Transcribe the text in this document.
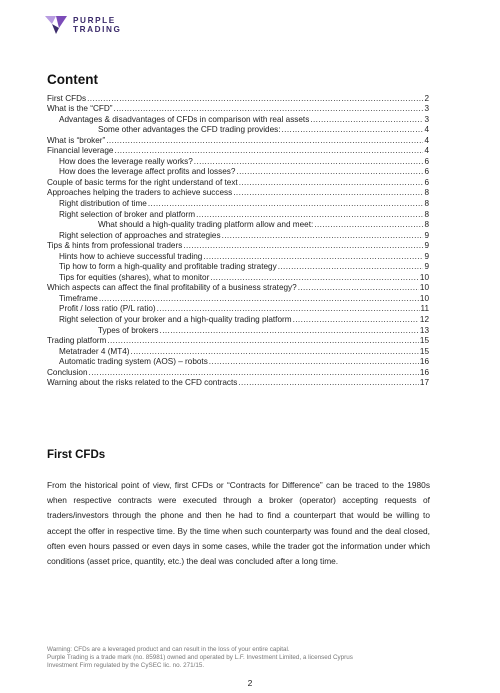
PURPLE
TRADING
Content
First CFDs .....	2
What is the “CFD” .....	3
Advantages & disadvantages of CFDs in comparison with real assets .....	3
Some other advantages the CFD trading provides: .....	4
What is “broker” .....	4
Financial leverage .....	4
How does the leverage really works? .....	6
How does the leverage affect profits and losses? .....	6
Couple of basic terms for the right understand of text .....	6
Approaches helping the traders to achieve success .....	8
Right distribution of time .....	8
Right selection of broker and platform .....	8
What should a high-quality trading platform allow and meet: .....	8
Right selection of approaches and strategies .....	9
Tips & hints from professional traders .....	9
Hints how to achieve successful trading .....	9
Tip how to form a high-quality and profitable trading strategy .....	9
Tips for equities (shares), what to monitor .....	10
Which aspects can affect the final profitability of a business strategy? .....	10
Timeframe .....	10
Profit / loss ratio (P/L ratio) .....	11
Right selection of your broker and a high-quality trading platform .....	12
Types of brokers .....	13
Trading platform .....	15
Metatrader 4 (MT4) .....	15
Automatic trading system (AOS) – robots .....	16
Conclusion .....	16
Warning about the risks related to the CFD contracts .....	17
First CFDs

From the historical point of view, first CFDs or “Contracts for Difference” can be traced to the 1980s when respective contracts were executed through a broker (operator) accepting requests of traders/investors through the phone and then he had to find a counterpart that would be willing to accept the offer in respective time. By the time when such counterparty was found and the deal closed, often even hours passed or even days in some cases, while the trader got the information under which conditions (asset price, quantity, etc.) the deal was concluded after a long time.

Warning: CFDs are a leveraged product and can result in the loss of your entire capital.
Purple Trading is a trade mark (no. 85981) owned and operated by L.F. Investment Limited, a licensed Cyprus
Investment Firm regulated by the CySEC lic. no. 271/15.
2
